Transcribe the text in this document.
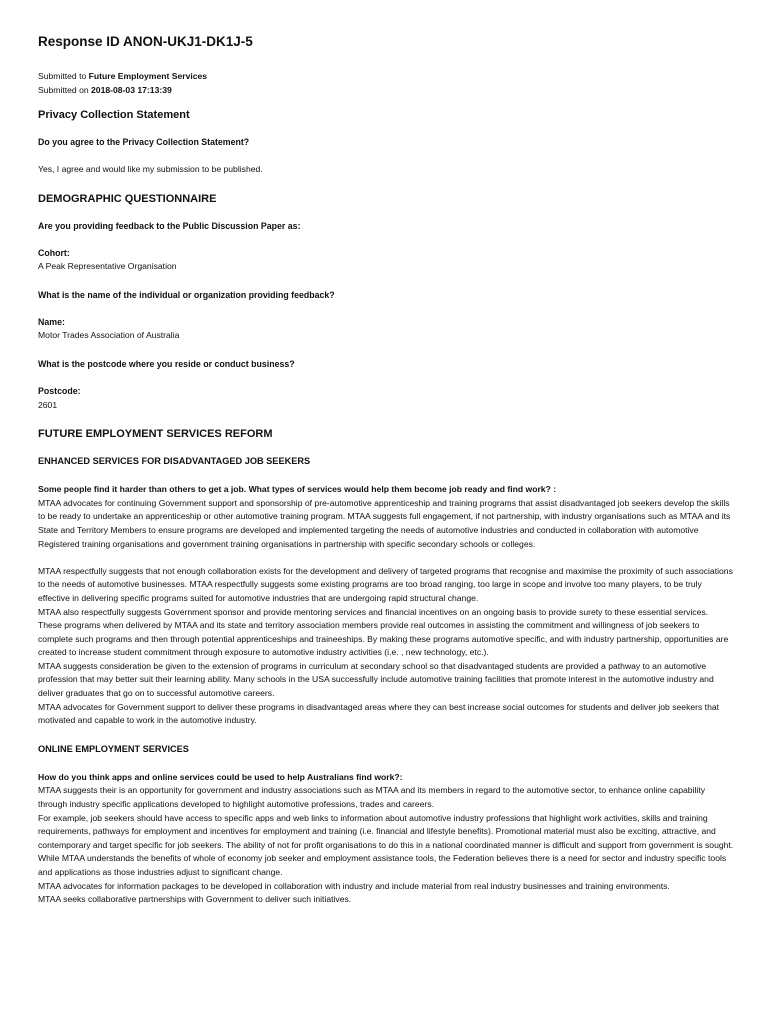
Response ID ANON-UKJ1-DK1J-5
Submitted to Future Employment Services
Submitted on 2018-08-03 17:13:39
Privacy Collection Statement
Do you agree to the Privacy Collection Statement?
Yes, I agree and would like my submission to be published.
DEMOGRAPHIC QUESTIONNAIRE
Are you providing feedback to the Public Discussion Paper as:
Cohort:
A Peak Representative Organisation
What is the name of the individual or organization providing feedback?
Name:
Motor Trades Association of Australia
What is the postcode where you reside or conduct business?
Postcode:
2601
FUTURE EMPLOYMENT SERVICES REFORM
ENHANCED SERVICES FOR DISADVANTAGED JOB SEEKERS
Some people find it harder than others to get a job. What types of services would help them become job ready and find work? :

MTAA advocates for continuing Government support and sponsorship of pre-automotive apprenticeship and training programs that assist disadvantaged job seekers develop the skills to be ready to undertake an apprenticeship or other automotive training program. MTAA suggests full engagement, if not partnership, with industry organisations such as MTAA and its State and Territory Members to ensure programs are developed and implemented targeting the needs of automotive industries and conducted in collaboration with automotive Registered training organisations and government training organisations in partnership with specific secondary schools or colleges.

MTAA respectfully suggests that not enough collaboration exists for the development and delivery of targeted programs that recognise and maximise the proximity of such associations to the needs of automotive businesses. MTAA respectfully suggests some existing programs are too broad ranging, too large in scope and involve too many players, to be truly effective in delivering specific programs suited for automotive industries that are undergoing rapid structural change.

MTAA also respectfully suggests Government sponsor and provide mentoring services and financial incentives on an ongoing basis to provide surety to these essential services. These programs when delivered by MTAA and its state and territory association members provide real outcomes in assisting the commitment and willingness of job seekers to complete such programs and then through potential apprenticeships and traineeships. By making these programs automotive specific, and with industry partnership, opportunities are created to increase student commitment through exposure to automotive industry activities (i.e. , new technology, etc.).

MTAA suggests consideration be given to the extension of programs in curriculum at secondary school so that disadvantaged students are provided a pathway to an automotive profession that may better suit their learning ability. Many schools in the USA successfully include automotive training facilities that promote interest in the automotive industry and deliver graduates that go on to successful automotive careers.

MTAA advocates for Government support to deliver these programs in disadvantaged areas where they can best increase social outcomes for students and deliver job seekers that motivated and capable to work in the automotive industry.

ONLINE EMPLOYMENT SERVICES
How do you think apps and online services could be used to help Australians find work?:

MTAA suggests their is an opportunity for government and industry associations such as MTAA and its members in regard to the automotive sector, to enhance online capability through industry specific applications developed to highlight automotive professions, trades and careers.

For example, job seekers should have access to specific apps and web links to information about automotive industry professions that highlight work activities, skills and training requirements, pathways for employment and incentives for employment and training (i.e. financial and lifestyle benefits). Promotional material must also be exciting, attractive, and contemporary and target specific for job seekers. The ability of not for profit organisations to do this in a national coordinated manner is difficult and support from government is sought. While MTAA understands the benefits of whole of economy job seeker and employment assistance tools, the Federation believes there is a need for sector and industry specific tools and applications as those industries adjust to significant change.

MTAA advocates for information packages to be developed in collaboration with industry and include material from real industry businesses and training environments.

MTAA seeks collaborative partnerships with Government to deliver such initiatives.
